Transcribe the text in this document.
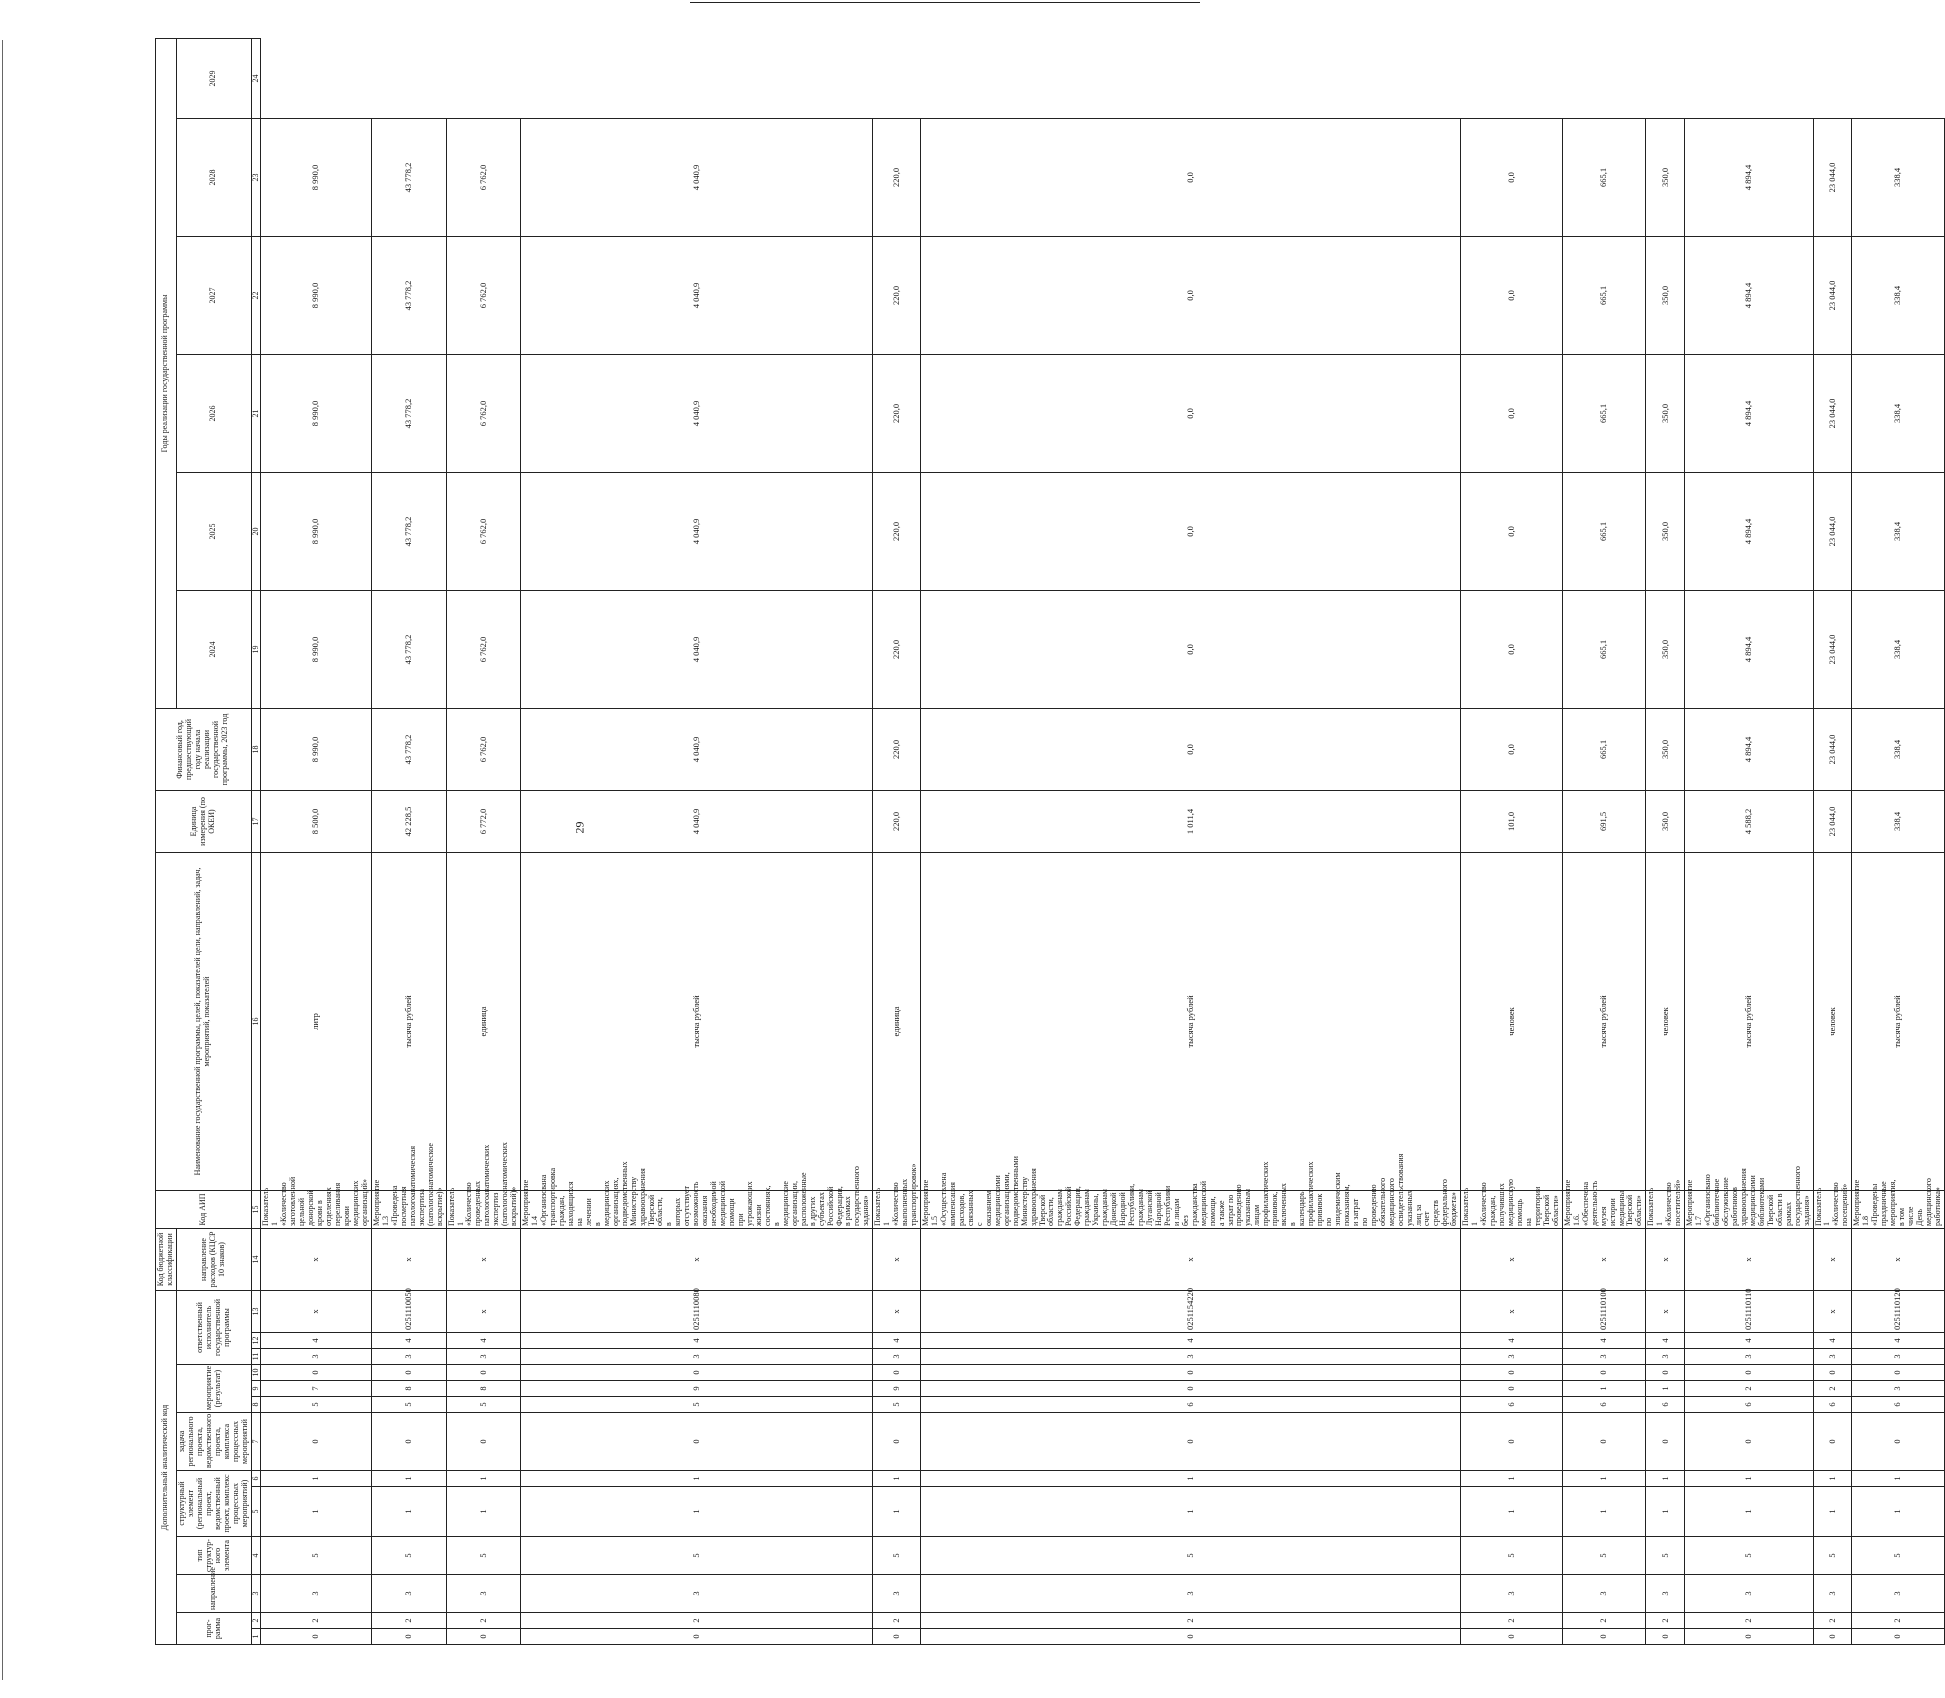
29
Дополнительный аналитический код													Код бюджетной классификации	Код АИП	Наименование государственной программы, целей, показателей цели, направлений, задач, мероприятий, показателей	Единица измерения (по ОКЕИ)	Финансовый год, предшествующий году начала реализации государственной программы, 2023 год	Годы реализации государственной программы					
прог-рамма		направление	тип структур-ного элемента	структурный элемент (региональный проект, ведомственный проект, комплекс процессных мероприятий)		задача регионального проекта, ведомственного проекта, комплекса процессных мероприятий	мероприятие (результат)			ответственный исполнитель государственной программы			направление расходов (КЦСР 10 знаков)					2024	2025	2026	2027	2028	2029

1	2	3	4	5	6	7	8	9	10	11	12	13	14	15	16	17	18	19	20	21	22	23	24
0	2	3	5	1	1	0	5	7	0	3	4	x	x	Показатель 1 «Количество заготовленной цельной донорской крови в отделениях переливания крови медицинских организаций»	литр	8 500,0	8 990,0	8 990,0	8 990,0	8 990,0	8 990,0	8 990,0	
0	2	3	5	1	1	0	5	8	0	3	4	0251110050	x	Мероприятие 1.3 «Проведена посмертная патологоанатомическая экспертиза (патологоанатомическое вскрытие)»	тысяча рублей	42 228,5	43 778,2	43 778,2	43 778,2	43 778,2	43 778,2	43 778,2	
0	2	3	5	1	1	0	5	8	0	3	4	x	x	Показатель 1 «Количество проведенных патологоанатомических экспертиз (патологоанатомических вскрытий)»	единица	6 772,0	6 762,0	6 762,0	6 762,0	6 762,0	6 762,0	6 762,0	
0	2	3	5	1	1	0	5	9	0	3	4	0251110080	x	Мероприятие 1.4 «Организована транспортировка граждан, находящихся на лечении в медицинских организациях, подведомственных Министерству здравоохранения Тверской области, в которых отсутствует возможность оказания необходимой медицинской помощи при угрожающих жизни состояниях, в медицинские организации, расположенные в других субъектах Российской Федерации, в рамках государственного задания»	тысяча рублей	4 040,9	4 040,9	4 040,9	4 040,9	4 040,9	4 040,9	4 040,9	
0	2	3	5	1	1	0	5	9	0	3	4	x	x	Показатель 1 «Количество выполненных транспортировок»	единица	220,0	220,0	220,0	220,0	220,0	220,0	220,0	
0	2	3	5	1	1	0	6	0	0	3	4	0251154220	x	Мероприятие 1.5 «Осуществлена компенсация расходов, связанных с оказанием медицинскими организациями, подведомственными Министерству здравоохранения Тверской области, гражданам Российской Федерации, гражданам Украины, гражданам Донецкой Народной Республики, гражданам Луганской Народной Республики и лицам без гражданства медицинской помощи, а также затрат по проведению указанным лицам профилактических прививок, включенных в календарь профилактических прививок по эпидемическим показаниям, и затрат по проведению обязательного медицинского освидетельствования указанных лиц за счет средств федерального бюджета»	тысяча рублей	1 011,4	0,0	0,0	0,0	0,0	0,0	0,0	
0	2	3	5	1	1	0	6	0	0	3	4	x	x	Показатель 1 «Количество граждан, получивших медицинскую помощь на территории Тверской области»	человек	101,0	0,0	0,0	0,0	0,0	0,0	0,0	
0	2	3	5	1	1	0	6	1	0	3	4	0251110100	x	Мероприятие 1.6. «Обеспечена деятельность музея истории медицины Тверской области»	тысяча рублей	691,5	665,1	665,1	665,1	665,1	665,1	665,1	
0	2	3	5	1	1	0	6	1	0	3	4	x	x	Показатель 1 «Количество посетителей»	человек	350,0	350,0	350,0	350,0	350,0	350,0	350,0	
0	2	3	5	1	1	0	6	2	0	3	4	0251110110	x	Мероприятие 1.7 «Организовано библиотечное обслуживание работников здравоохранения медицинскими библиотеками Тверской области в рамках государственного задания»	тысяча рублей	4 588,2	4 894,4	4 894,4	4 894,4	4 894,4	4 894,4	4 894,4	
0	2	3	5	1	1	0	6	2	0	3	4	x	x	Показатель 1 «Количество посещений»	человек	23 044,0	23 044,0	23 044,0	23 044,0	23 044,0	23 044,0	23 044,0	
0	2	3	5	1	1	0	6	3	0	3	4	0251110120	x	Мероприятие 1.8 «Проведены праздничные мероприятия, в том числе День медицинского работника»	тысяча рублей	338,4	338,4	338,4	338,4	338,4	338,4	338,4	
